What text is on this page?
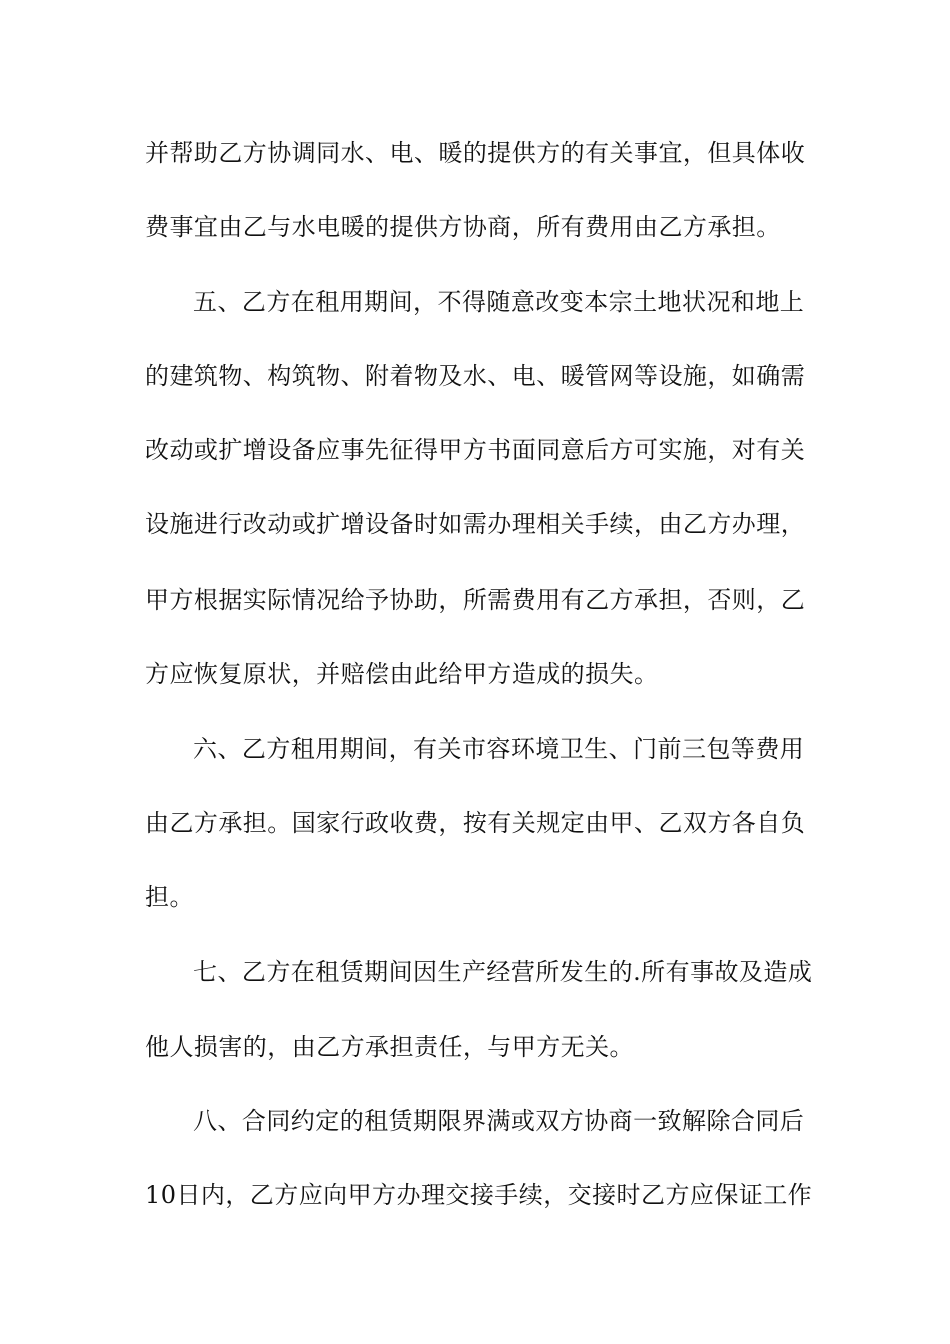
并帮助乙方协调同水、电、暖的提供方的有关事宜，但具体收
费事宜由乙与水电暖的提供方协商，所有费用由乙方承担。
五、乙方在租用期间，不得随意改变本宗土地状况和地上
的建筑物、构筑物、附着物及水、电、暖管网等设施，如确需
改动或扩增设备应事先征得甲方书面同意后方可实施，对有关
设施进行改动或扩增设备时如需办理相关手续，由乙方办理，
甲方根据实际情况给予协助，所需费用有乙方承担，否则，乙
方应恢复原状，并赔偿由此给甲方造成的损失。
六、乙方租用期间，有关市容环境卫生、门前三包等费用
由乙方承担。国家行政收费，按有关规定由甲、乙双方各自负
担。
七、乙方在租赁期间因生产经营所发生的.所有事故及造成
他人损害的，由乙方承担责任，与甲方无关。
八、合同约定的租赁期限界满或双方协商一致解除合同后
10日内，乙方应向甲方办理交接手续，交接时乙方应保证工作
